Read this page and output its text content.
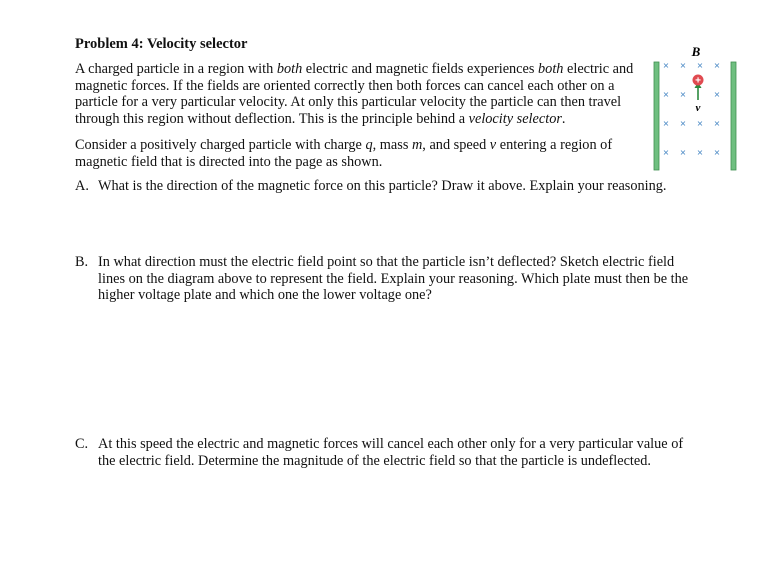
Problem 4: Velocity selector
A charged particle in a region with both electric and magnetic fields experiences both electric and magnetic forces. If the fields are oriented correctly then both forces can cancel each other on a particle for a very particular velocity. At only this particular velocity the particle can then travel through this region without deflection. This is the principle behind a velocity selector.
Consider a positively charged particle with charge q, mass m, and speed v entering a region of magnetic field that is directed into the page as shown.
A. What is the direction of the magnetic force on this particle? Draw it above. Explain your reasoning.
B. In what direction must the electric field point so that the particle isn’t deflected? Sketch electric field lines on the diagram above to represent the field. Explain your reasoning. Which plate must then be the higher voltage plate and which one the lower voltage one?
C. At this speed the electric and magnetic forces will cancel each other only for a very particular value of the electric field. Determine the magnitude of the electric field so that the particle is undeflected.
B
× × × ×
× ×	×
× × × ×
× × × ×
+
v
